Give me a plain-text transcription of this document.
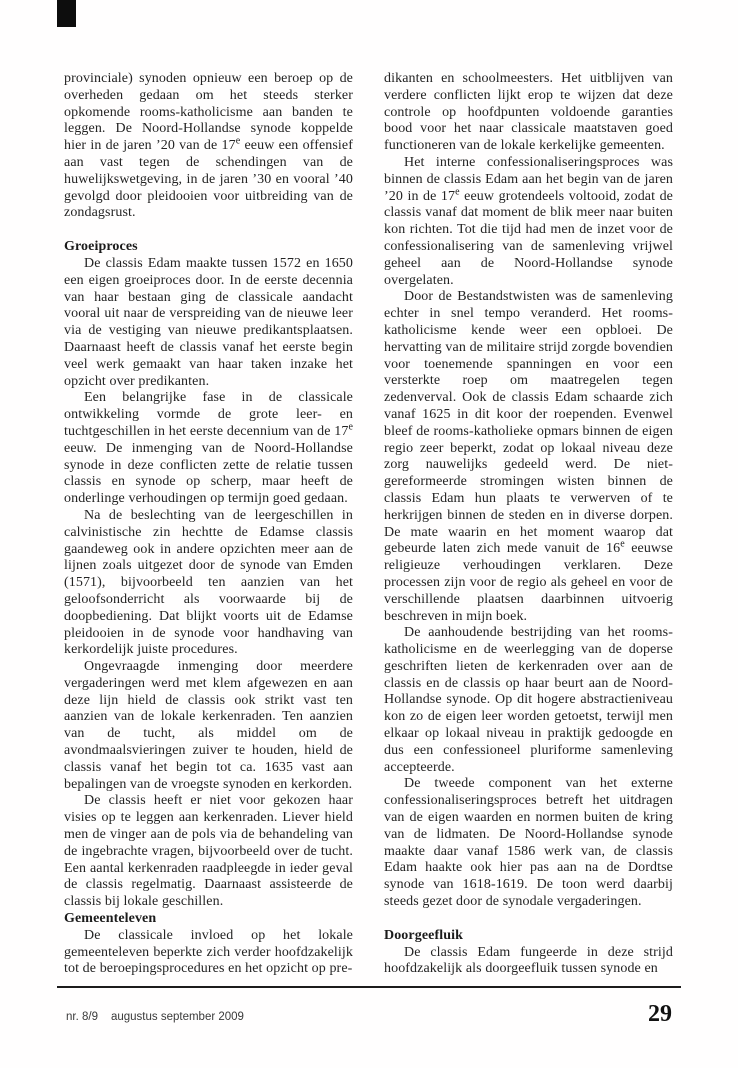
provinciale) synoden opnieuw een beroep op de overheden gedaan om het steeds sterker opkomende rooms-katholicisme aan banden te leggen. De Noord-Hollandse synode koppelde hier in de jaren ’20 van de 17e eeuw een offensief aan vast tegen de schendingen van de huwelijkswetgeving, in de jaren ’30 en vooral ’40 gevolgd door pleidooien voor uitbreiding van de zondagsrust.

Groeiproces

De classis Edam maakte tussen 1572 en 1650 een eigen groeiproces door. In de eerste decennia van haar bestaan ging de classicale aandacht vooral uit naar de verspreiding van de nieuwe leer via de vestiging van nieuwe predikantsplaatsen. Daarnaast heeft de classis vanaf het eerste begin veel werk gemaakt van haar taken inzake het opzicht over predikanten.

Een belangrijke fase in de classicale ontwikkeling vormde de grote leer- en tuchtgeschillen in het eerste decennium van de 17e eeuw. De inmenging van de Noord-Hollandse synode in deze conflicten zette de relatie tussen classis en synode op scherp, maar heeft de onderlinge verhoudingen op termijn goed gedaan.

Na de beslechting van de leergeschillen in calvinistische zin hechtte de Edamse classis gaandeweg ook in andere opzichten meer aan de lijnen zoals uitgezet door de synode van Emden (1571), bijvoorbeeld ten aanzien van het geloofsonderricht als voorwaarde bij de doopbediening. Dat blijkt voorts uit de Edamse pleidooien in de synode voor handhaving van kerkordelijk juiste procedures.

Ongevraagde inmenging door meerdere vergaderingen werd met klem afgewezen en aan deze lijn hield de classis ook strikt vast ten aanzien van de lokale kerkenraden. Ten aanzien van de tucht, als middel om de avondmaalsvieringen zuiver te houden, hield de classis vanaf het begin tot ca. 1635 vast aan bepalingen van de vroegste synoden en kerkorden.

De classis heeft er niet voor gekozen haar visies op te leggen aan kerkenraden. Liever hield men de vinger aan de pols via de behandeling van de ingebrachte vragen, bijvoorbeeld over de tucht. Een aantal kerkenraden raadpleegde in ieder geval de classis regelmatig. Daarnaast assisteerde de classis bij lokale geschillen.

Gemeenteleven

De classicale invloed op het lokale gemeenteleven beperkte zich verder hoofdzakelijk tot de beroepingsprocedures en het opzicht op pre-

dikanten en schoolmeesters. Het uitblijven van verdere conflicten lijkt erop te wijzen dat deze controle op hoofdpunten voldoende garanties bood voor het naar classicale maatstaven goed functioneren van de lokale kerkelijke gemeenten.

Het interne confessionaliseringsproces was binnen de classis Edam aan het begin van de jaren ’20 in de 17e eeuw grotendeels voltooid, zodat de classis vanaf dat moment de blik meer naar buiten kon richten. Tot die tijd had men de inzet voor de confessionalisering van de samenleving vrijwel geheel aan de Noord-Hollandse synode overgelaten.

Door de Bestandstwisten was de samenleving echter in snel tempo veranderd. Het rooms-katholicisme kende weer een opbloei. De hervatting van de militaire strijd zorgde bovendien voor toenemende spanningen en voor een versterkte roep om maatregelen tegen zedenverval. Ook de classis Edam schaarde zich vanaf 1625 in dit koor der roependen. Evenwel bleef de rooms-katholieke opmars binnen de eigen regio zeer beperkt, zodat op lokaal niveau deze zorg nauwelijks gedeeld werd. De niet-gereformeerde stromingen wisten binnen de classis Edam hun plaats te verwerven of te herkrijgen binnen de steden en in diverse dorpen. De mate waarin en het moment waarop dat gebeurde laten zich mede vanuit de 16e eeuwse religieuze verhoudingen verklaren. Deze processen zijn voor de regio als geheel en voor de verschillende plaatsen daarbinnen uitvoerig beschreven in mijn boek.

De aanhoudende bestrijding van het rooms-katholicisme en de weerlegging van de doperse geschriften lieten de kerkenraden over aan de classis en de classis op haar beurt aan de Noord-Hollandse synode. Op dit hogere abstractieniveau kon zo de eigen leer worden getoetst, terwijl men elkaar op lokaal niveau in praktijk gedoogde en dus een confessioneel pluriforme samenleving accepteerde.

De tweede component van het externe confessionaliseringsproces betreft het uitdragen van de eigen waarden en normen buiten de kring van de lidmaten. De Noord-Hollandse synode maakte daar vanaf 1586 werk van, de classis Edam haakte ook hier pas aan na de Dordtse synode van 1618-1619. De toon werd daarbij steeds gezet door de synodale vergaderingen.

Doorgeefluik

De classis Edam fungeerde in deze strijd hoofdzakelijk als doorgeefluik tussen synode en

nr. 8/9 augustus september 2009	29
